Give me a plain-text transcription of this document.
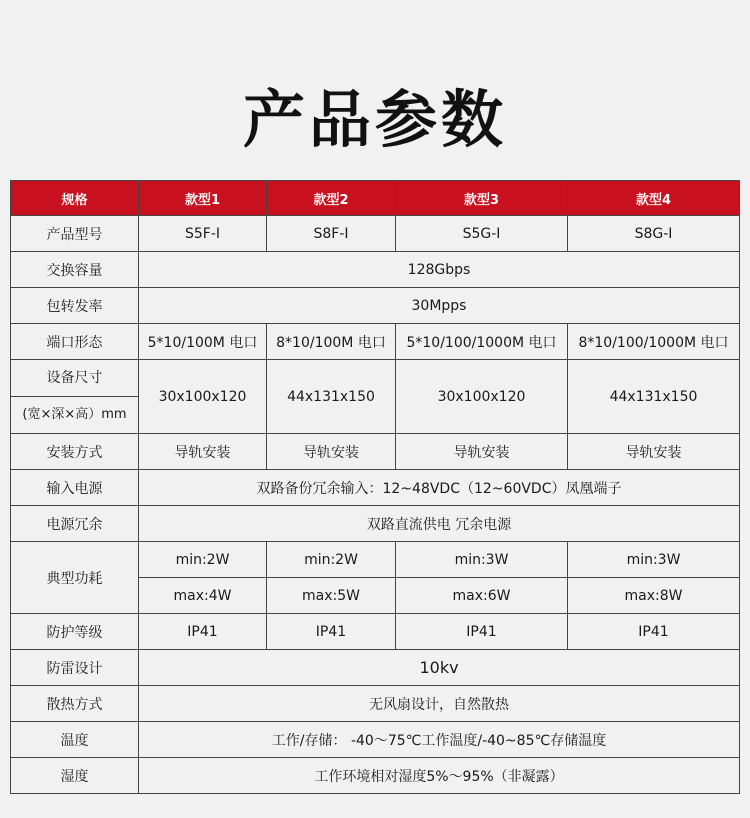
产品参数
规格	款型1	款型2	款型3	款型4
产品型号	S5F-I	S8F-I	S5G-I	S8G-I
交换容量	128Gbps			
包转发率	30Mpps			
端口形态	5*10/100M 电口	8*10/100M 电口	5*10/100/1000M 电口	8*10/100/1000M 电口

设备尺寸	30x100x120	44x131x150	30x100x120	44x131x150

(宽×深×高）mm				

安装方式	导轨安装	导轨安装	导轨安装	导轨安装
输入电源	双路备份冗余输入：12~48VDC（12~60VDC）凤凰端子			
电源冗余	双路直流供电 冗余电源			
典型功耗	min:2W	min:2W	min:3W	min:3W
	max:4W	max:5W	max:6W	max:8W
防护等级	IP41	IP41	IP41	IP41
防雷设计	10kv			
散热方式	无风扇设计，自然散热			
温度	工作/存储： -40～75℃工作温度/-40~85℃存储温度			
湿度	工作环境相对湿度5%～95%（非凝露）			
